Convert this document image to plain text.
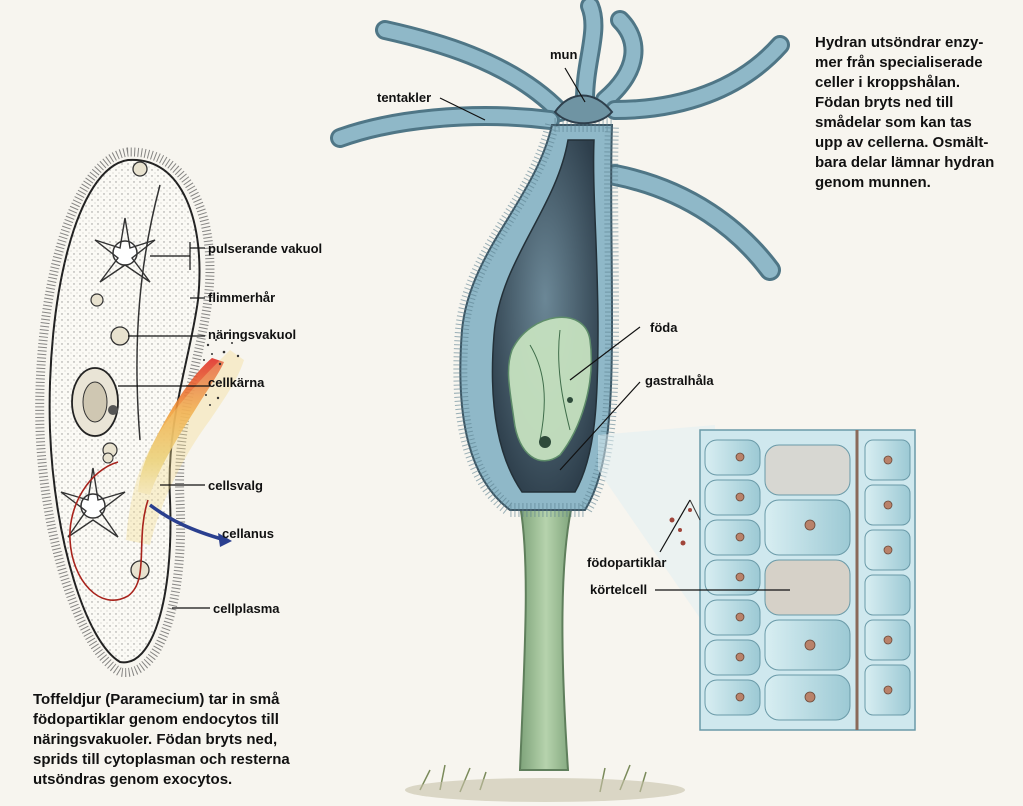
mun
tentakler
föda
gastralhåla
födopartiklar
körtelcell
pulserande vakuol
flimmerhår
näringsvakuol
cellkärna
cellsvalg
cellanus
cellplasma
Hydran utsöndrar enzy-
mer från specialiserade
celler i kroppshålan.
Födan bryts ned till
smådelar som kan tas
upp av cellerna. Osmält-
bara delar lämnar hydran
genom munnen.
Toffeldjur (Paramecium) tar in små
födopartiklar genom endocytos till
näringsvakuoler. Födan bryts ned,
sprids till cytoplasman och resterna
utsöndras genom exocytos.
